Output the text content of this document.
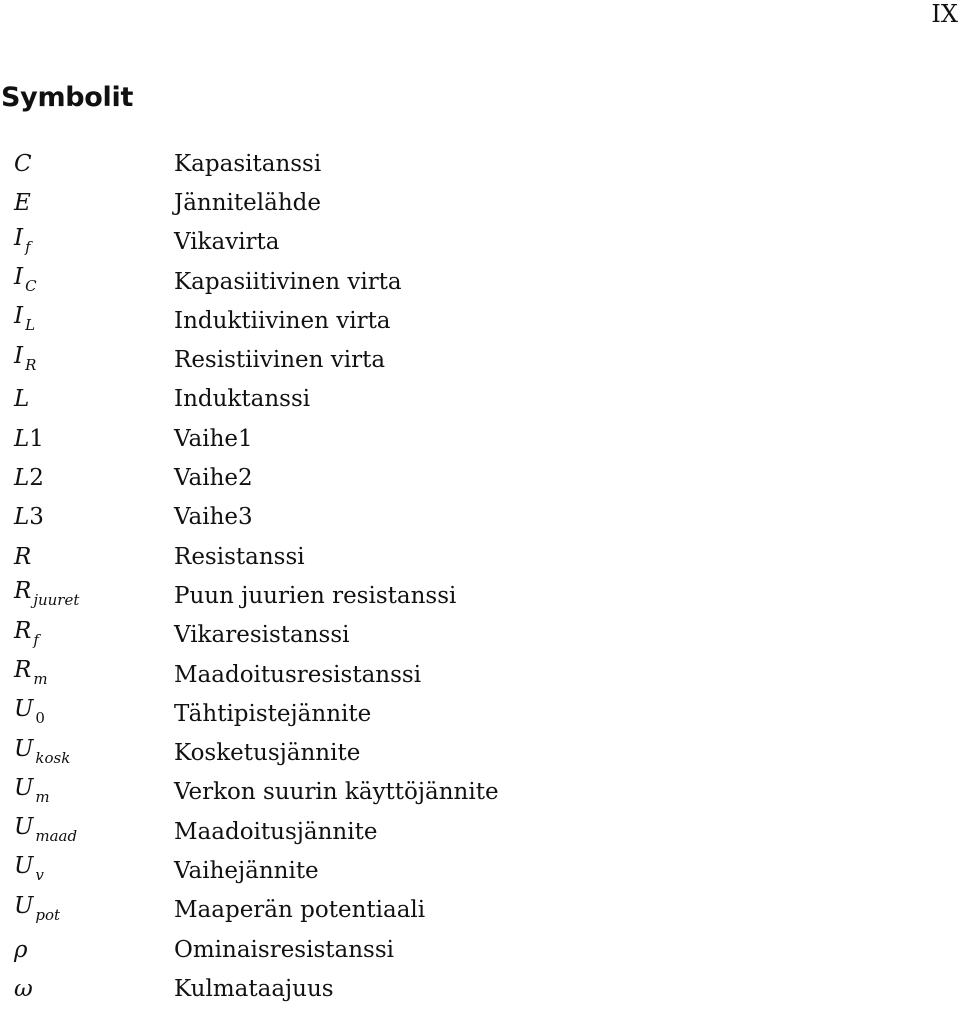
IX
Symbolit
C	Kapasitanssi
E	Jännitelähde
I $_f$	Vikavirta
I $_C$	Kapasiitivinen virta
I $_L$	Induktiivinen virta
I $_R$	Resistiivinen virta
L	Induktanssi
L1	Vaihe1
L2	Vaihe2
L3	Vaihe3
R	Resistanssi
R $_{juuret}$	Puun juurien resistanssi
R $_f$	Vikaresistanssi
R $_m$	Maadoitusresistanssi
U $_0$	Tähtipistejännite
U $_{kosk}$	Kosketusjännite
U $_m$	Verkon suurin käyttöjännite
U $_{maad}$	Maadoitusjännite
U $_v$	Vaihejännite
U $_{pot}$	Maaperän potentiaali
ρ	Ominaisresistanssi
ω	Kulmataajuus
